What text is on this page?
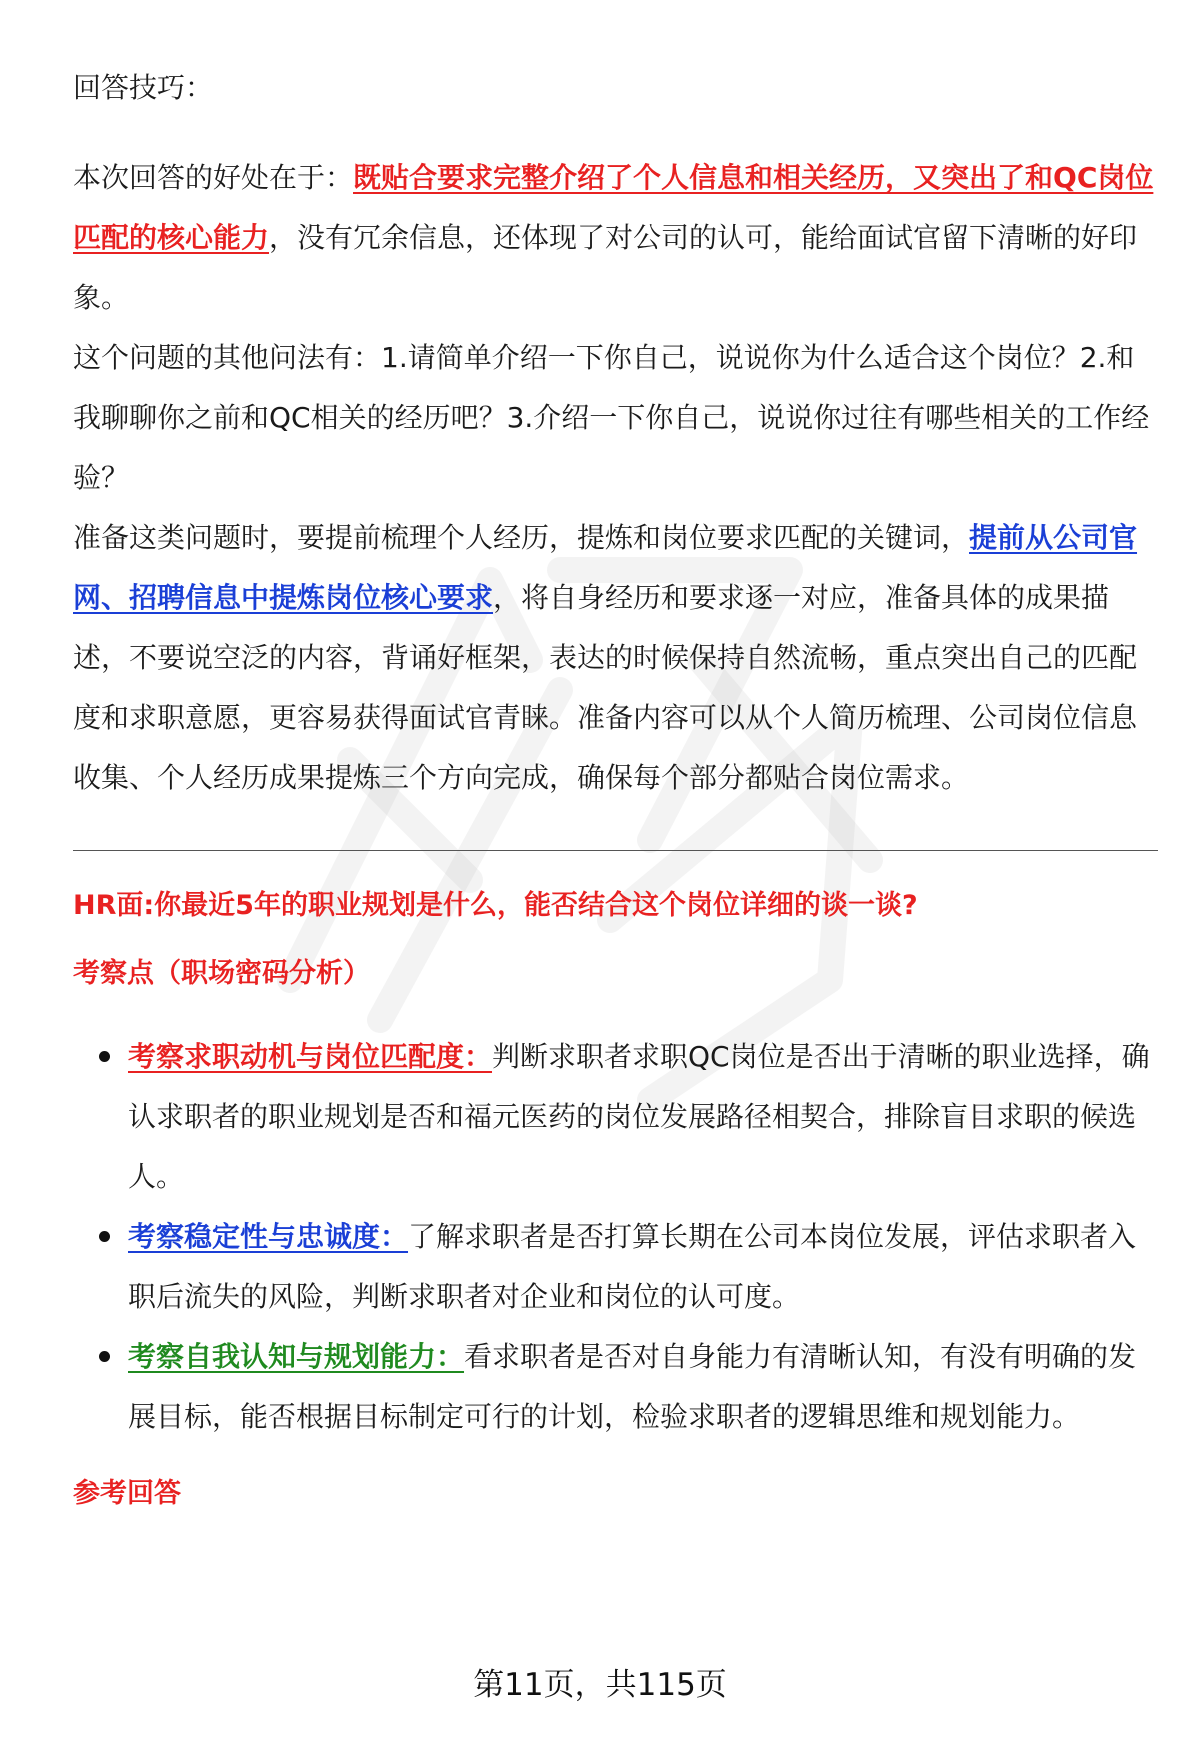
回答技巧：

本次回答的好处在于：既贴合要求完整介绍了个人信息和相关经历，又突出了和QC岗位匹配的核心能力，没有冗余信息，还体现了对公司的认可，能给面试官留下清晰的好印象。

这个问题的其他问法有：1.请简单介绍一下你自己，说说你为什么适合这个岗位？2.和我聊聊你之前和QC相关的经历吧？3.介绍一下你自己，说说你过往有哪些相关的工作经验？

准备这类问题时，要提前梳理个人经历，提炼和岗位要求匹配的关键词，提前从公司官网、招聘信息中提炼岗位核心要求，将自身经历和要求逐一对应，准备具体的成果描述，不要说空泛的内容，背诵好框架，表达的时候保持自然流畅，重点突出自己的匹配度和求职意愿，更容易获得面试官青睐。准备内容可以从个人简历梳理、公司岗位信息收集、个人经历成果提炼三个方向完成，确保每个部分都贴合岗位需求。

HR面:你最近5年的职业规划是什么，能否结合这个岗位详细的谈一谈?
考察点（职场密码分析）
考察求职动机与岗位匹配度：判断求职者求职QC岗位是否出于清晰的职业选择，确认求职者的职业规划是否和福元医药的岗位发展路径相契合，排除盲目求职的候选人。
考察稳定性与忠诚度：了解求职者是否打算长期在公司本岗位发展，评估求职者入职后流失的风险，判断求职者对企业和岗位的认可度。
考察自我认知与规划能力：看求职者是否对自身能力有清晰认知，有没有明确的发展目标，能否根据目标制定可行的计划，检验求职者的逻辑思维和规划能力。
参考回答
第11页，共115页
